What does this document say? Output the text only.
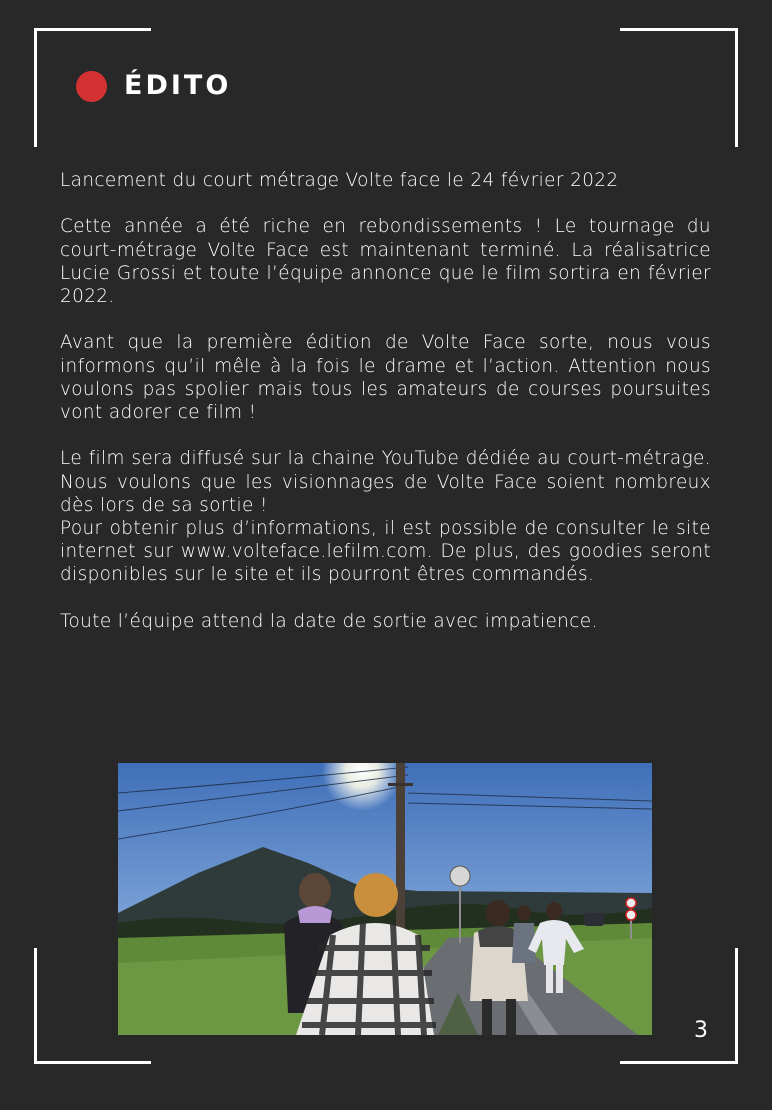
ÉDITO

Lancement du court métrage Volte face le 24 février 2022

Cette année a été riche en rebondissements ! Le tournage du court-métrage Volte Face est maintenant terminé. La réalisatrice Lucie Grossi et toute l’équipe annonce que le film sortira en février 2022.

Avant que la première édition de Volte Face sorte, nous vous informons qu’il mêle à la fois le drame et l’action. Attention nous voulons pas spolier mais tous les amateurs de courses poursuites vont adorer ce film !

Le film sera diffusé sur la chaine YouTube dédiée au court-métrage. Nous voulons que les visionnages de Volte Face soient nombreux dès lors de sa sortie !

Pour obtenir plus d’informations, il est possible de consulter le site internet sur www.volteface.lefilm.com. De plus, des goodies seront disponibles sur le site et ils pourront êtres commandés.

Toute l’équipe attend la date de sortie avec impatience.

3
